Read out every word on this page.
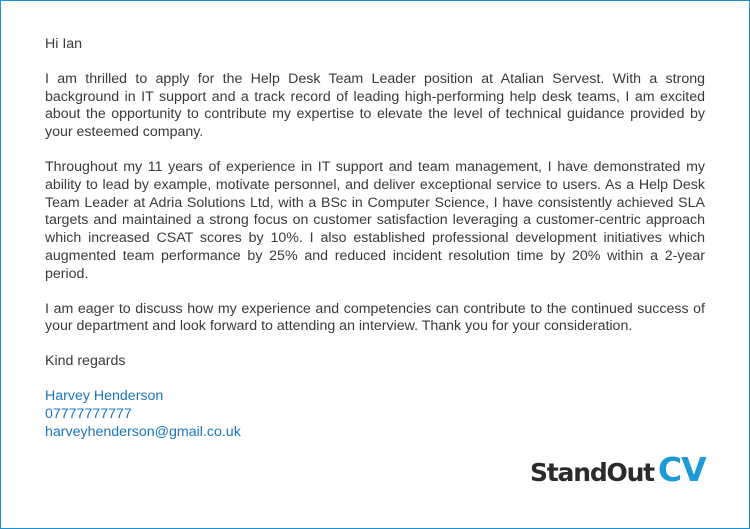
Hi Ian

I am thrilled to apply for the Help Desk Team Leader position at Atalian Servest. With a strong background in IT support and a track record of leading high-performing help desk teams, I am excited about the opportunity to contribute my expertise to elevate the level of technical guidance provided by your esteemed company.

Throughout my 11 years of experience in IT support and team management, I have demonstrated my ability to lead by example, motivate personnel, and deliver exceptional service to users. As a Help Desk Team Leader at Adria Solutions Ltd, with a BSc in Computer Science, I have consistently achieved SLA targets and maintained a strong focus on customer satisfaction leveraging a customer-centric approach which increased CSAT scores by 10%. I also established professional development initiatives which augmented team performance by 25% and reduced incident resolution time by 20% within a 2-year period.

I am eager to discuss how my experience and competencies can contribute to the continued success of your department and look forward to attending an interview. Thank you for your consideration.

Kind regards

Harvey Henderson

07777777777

harveyhenderson@gmail.co.uk

StandOut CV
